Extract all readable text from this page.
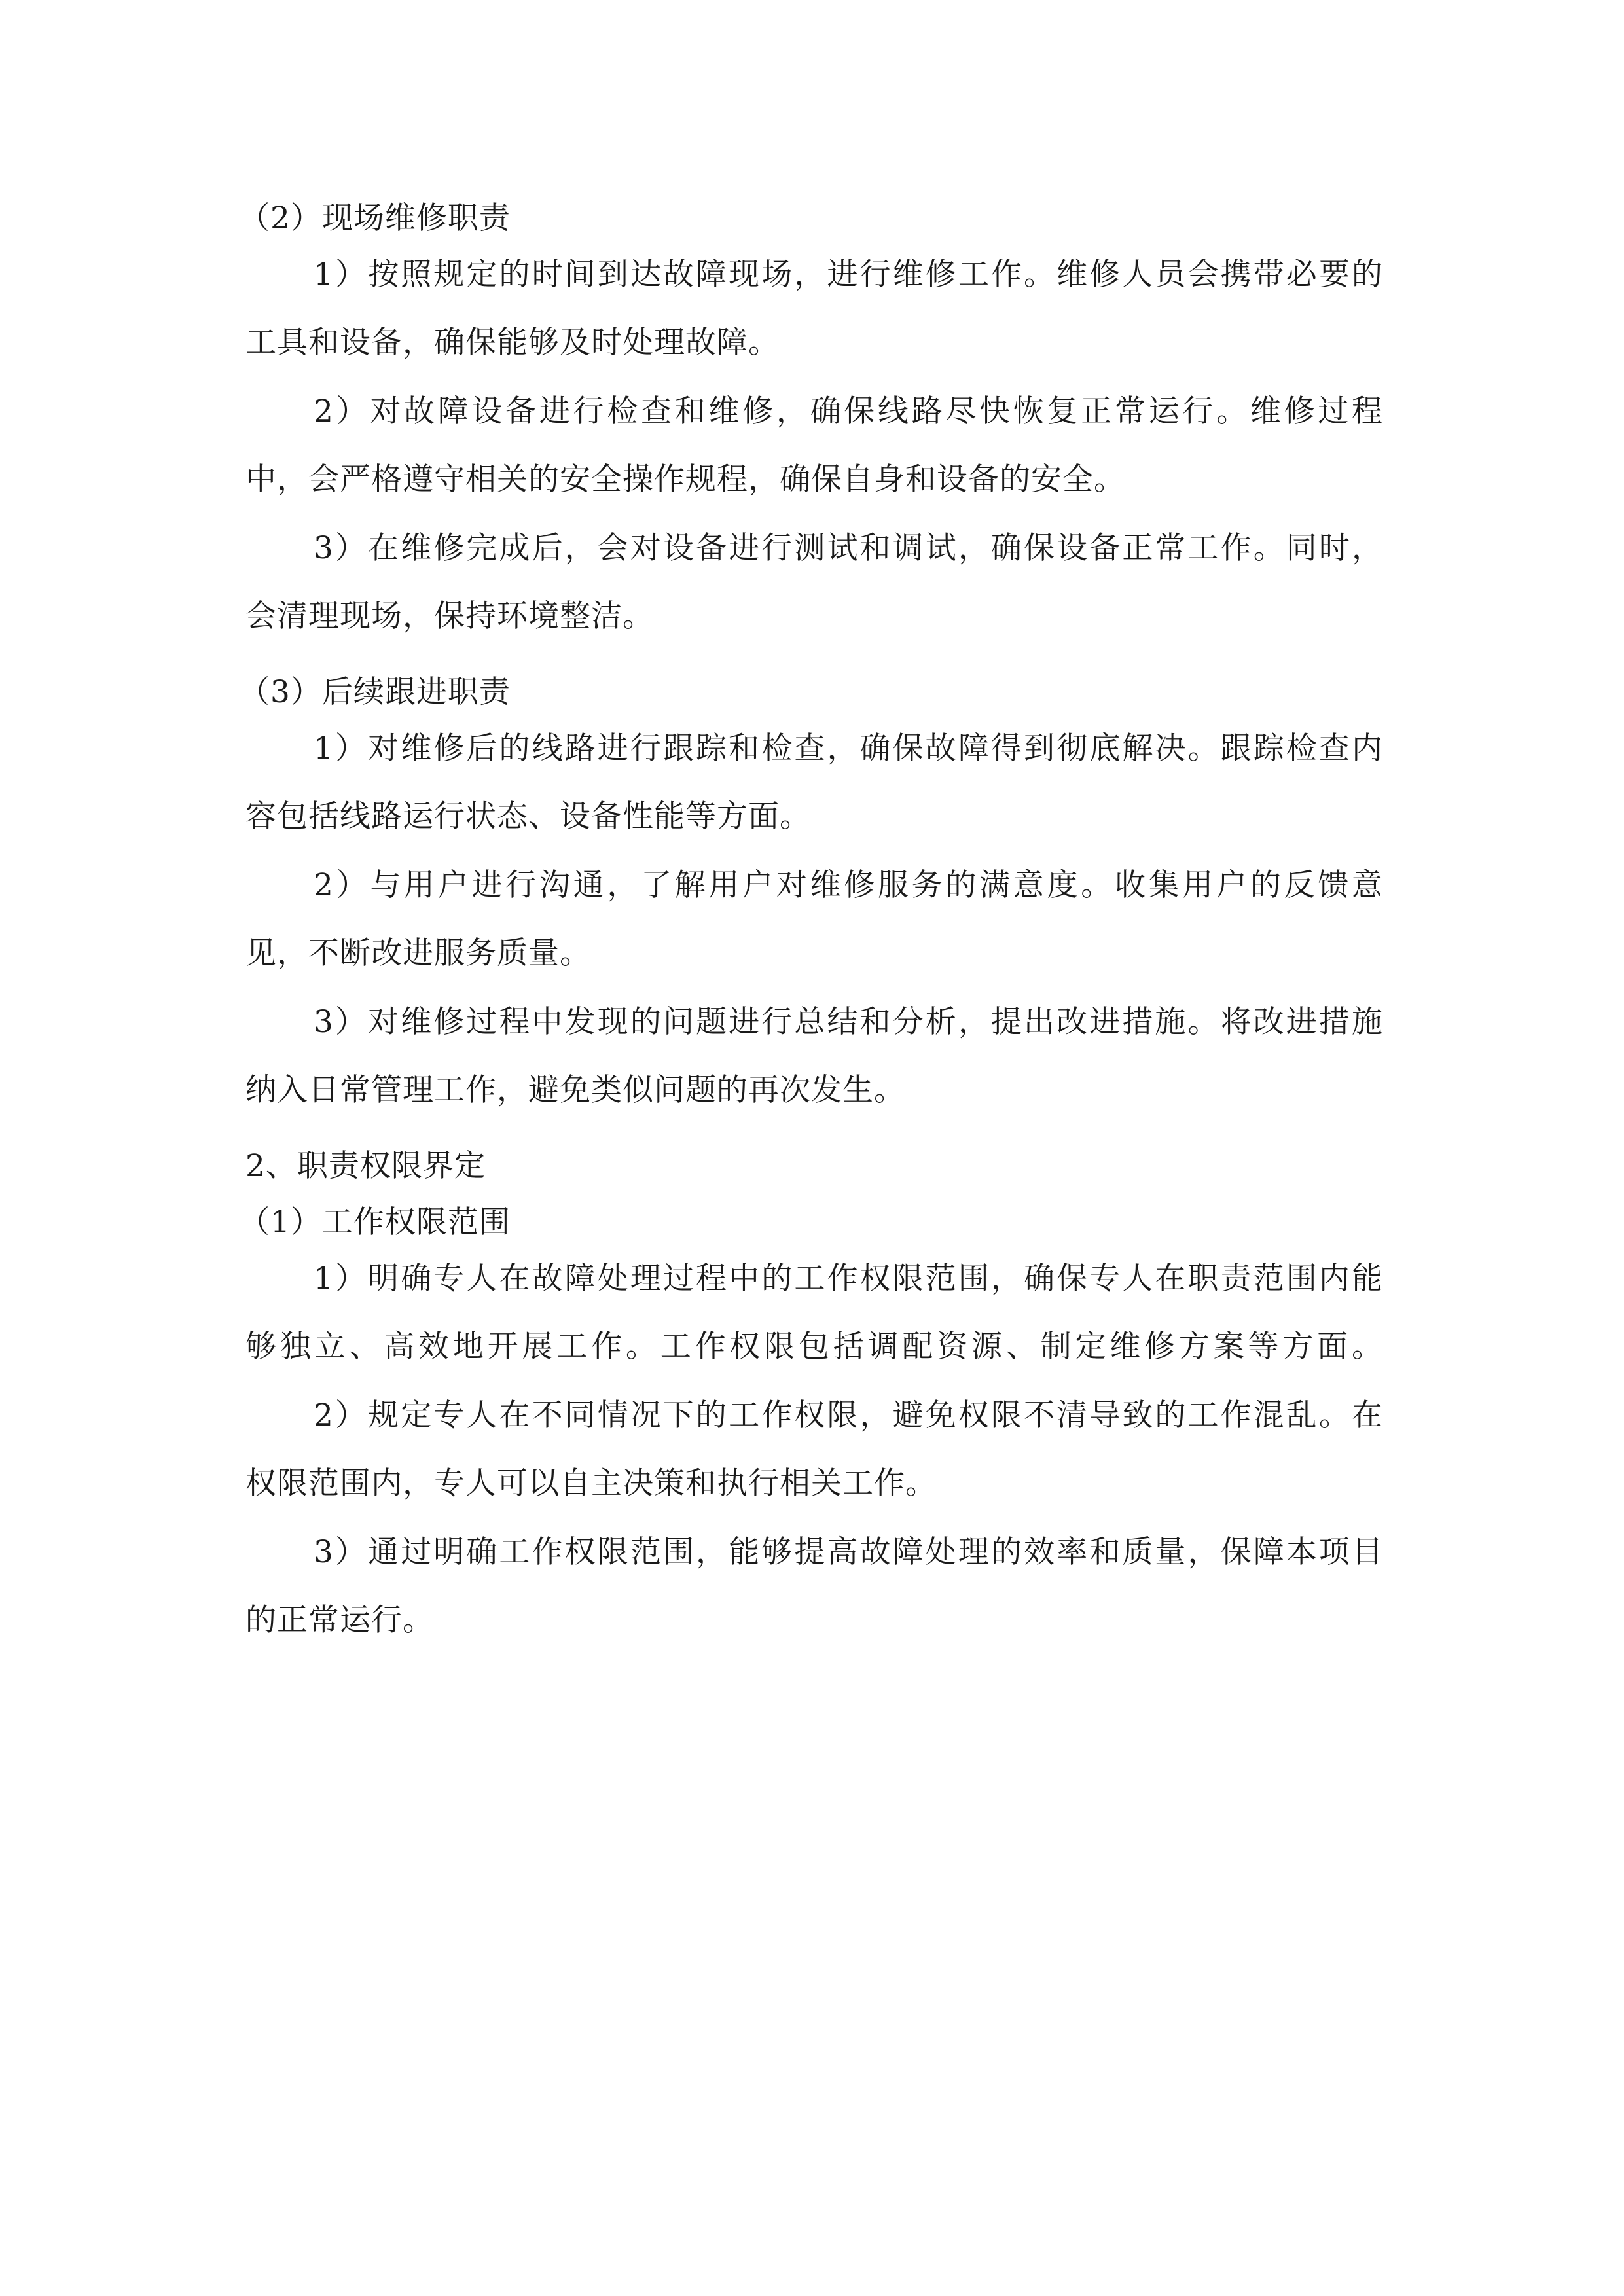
（2）现场维修职责
1）按照规定的时间到达故障现场，进行维修工作。维修人员会携带必要的
工具和设备，确保能够及时处理故障。
2）对故障设备进行检查和维修，确保线路尽快恢复正常运行。维修过程
中，会严格遵守相关的安全操作规程，确保自身和设备的安全。
3）在维修完成后，会对设备进行测试和调试，确保设备正常工作。同时，
会清理现场，保持环境整洁。
（3）后续跟进职责
1）对维修后的线路进行跟踪和检查，确保故障得到彻底解决。跟踪检查内
容包括线路运行状态、设备性能等方面。
2）与用户进行沟通，了解用户对维修服务的满意度。收集用户的反馈意
见，不断改进服务质量。
3）对维修过程中发现的问题进行总结和分析，提出改进措施。将改进措施
纳入日常管理工作，避免类似问题的再次发生。
2、职责权限界定
（1）工作权限范围
1）明确专人在故障处理过程中的工作权限范围，确保专人在职责范围内能
够独立、高效地开展工作。工作权限包括调配资源、制定维修方案等方面。
2）规定专人在不同情况下的工作权限，避免权限不清导致的工作混乱。在
权限范围内，专人可以自主决策和执行相关工作。
3）通过明确工作权限范围，能够提高故障处理的效率和质量，保障本项目
的正常运行。
